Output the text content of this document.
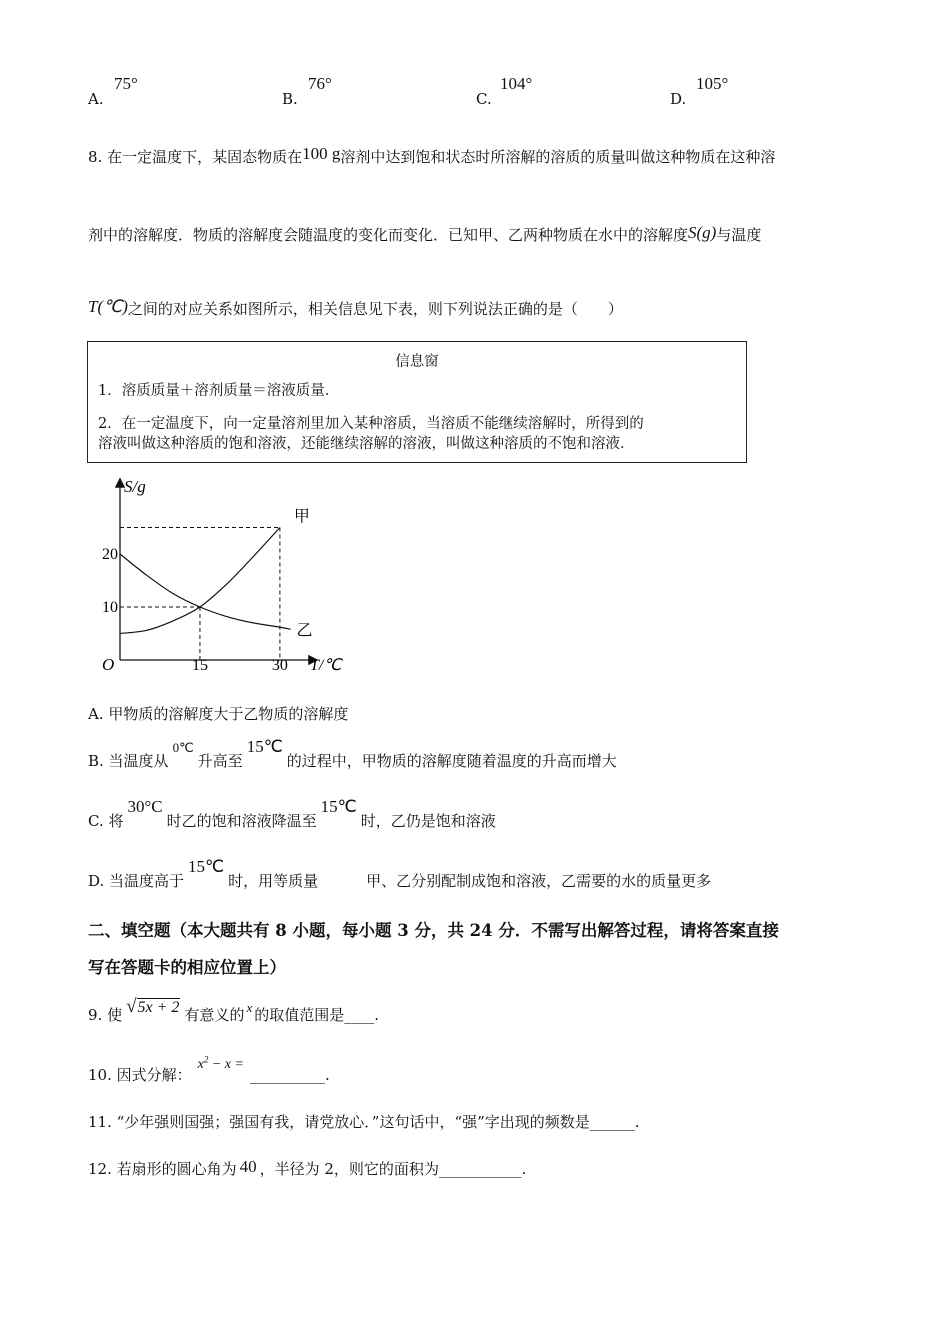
A.
75°
B.
76°
C.
104°
D.
105°
8. 在一定温度下，某固态物质在100 g溶剂中达到饱和状态时所溶解的溶质的质量叫做这种物质在这种溶
剂中的溶解度．物质的溶解度会随温度的变化而变化．已知甲、乙两种物质在水中的溶解度S(g)与温度
T(℃)之间的对应关系如图所示，相关信息见下表，则下列说法正确的是（　　）
信息窗
1．溶质质量＋溶剂质量＝溶液质量．
2．在一定温度下，向一定量溶剂里加入某种溶质，当溶质不能继续溶解时，所得到的
溶液叫做这种溶质的饱和溶液，还能继续溶解的溶液，叫做这种溶质的不饱和溶液．
S/g
T/℃
O	15	30
10
20
甲
乙
A. 甲物质的溶解度大于乙物质的溶解度
B. 当温度从0℃升高至15℃的过程中，甲物质的溶解度随着温度的升高而增大
C. 将30°C时乙的饱和溶液降温至15℃时，乙仍是饱和溶液
D. 当温度高于15℃时，用等质量	甲、乙分别配制成饱和溶液，乙需要的水的质量更多
二、填空题（本大题共有 8 小题，每小题 3 分，共 24 分．不需写出解答过程，请将答案直接
写在答题卡的相应位置上）
9. 使 √5x + 2 有意义的 x 的取值范围是____.
10. 因式分解：$x^2 - x$ =__________.
11. “少年强则国强；强国有我，请党放心．”这句话中，“强”字出现的频数是______.
12. 若扇形的圆心角为 40 ，半径为 2，则它的面积为___________.
